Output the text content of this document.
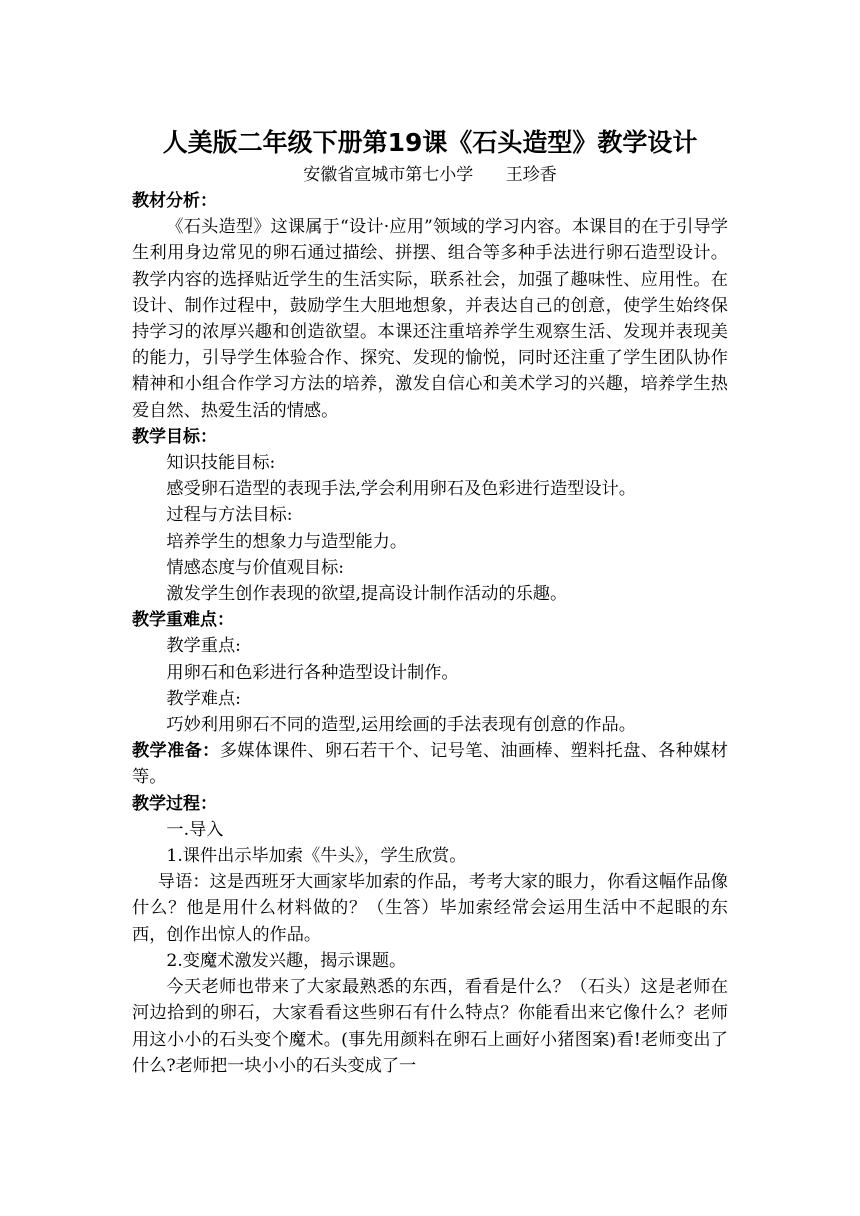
人美版二年级下册第19课《石头造型》教学设计

安徽省宣城市第七小学      王珍香

教材分析：

《石头造型》这课属于“设计·应用”领域的学习内容。本课目的在于引导学生利用身边常见的卵石通过描绘、拼摆、组合等多种手法进行卵石造型设计。教学内容的选择贴近学生的生活实际，联系社会，加强了趣味性、应用性。在设计、制作过程中，鼓励学生大胆地想象，并表达自己的创意，使学生始终保持学习的浓厚兴趣和创造欲望。本课还注重培养学生观察生活、发现并表现美的能力，引导学生体验合作、探究、发现的愉悦，同时还注重了学生团队协作精神和小组合作学习方法的培养，激发自信心和美术学习的兴趣，培养学生热爱自然、热爱生活的情感。

教学目标：

知识技能目标:

感受卵石造型的表现手法,学会利用卵石及色彩进行造型设计。

过程与方法目标:

培养学生的想象力与造型能力。

情感态度与价值观目标:

激发学生创作表现的欲望,提高设计制作活动的乐趣。

教学重难点：

教学重点:

用卵石和色彩进行各种造型设计制作。

教学难点:

巧妙利用卵石不同的造型,运用绘画的手法表现有创意的作品。

教学准备：多媒体课件、卵石若干个、记号笔、油画棒、塑料托盘、各种媒材等。

教学过程：

一.导入

1.课件出示毕加索《牛头》，学生欣赏。

导语：这是西班牙大画家毕加索的作品，考考大家的眼力，你看这幅作品像什么？他是用什么材料做的？（生答）毕加索经常会运用生活中不起眼的东西，创作出惊人的作品。

2.变魔术激发兴趣，揭示课题。

今天老师也带来了大家最熟悉的东西，看看是什么？（石头）这是老师在河边拾到的卵石，大家看看这些卵石有什么特点？你能看出来它像什么？老师用这小小的石头变个魔术。(事先用颜料在卵石上画好小猪图案)看!老师变出了什么?老师把一块小小的石头变成了一
